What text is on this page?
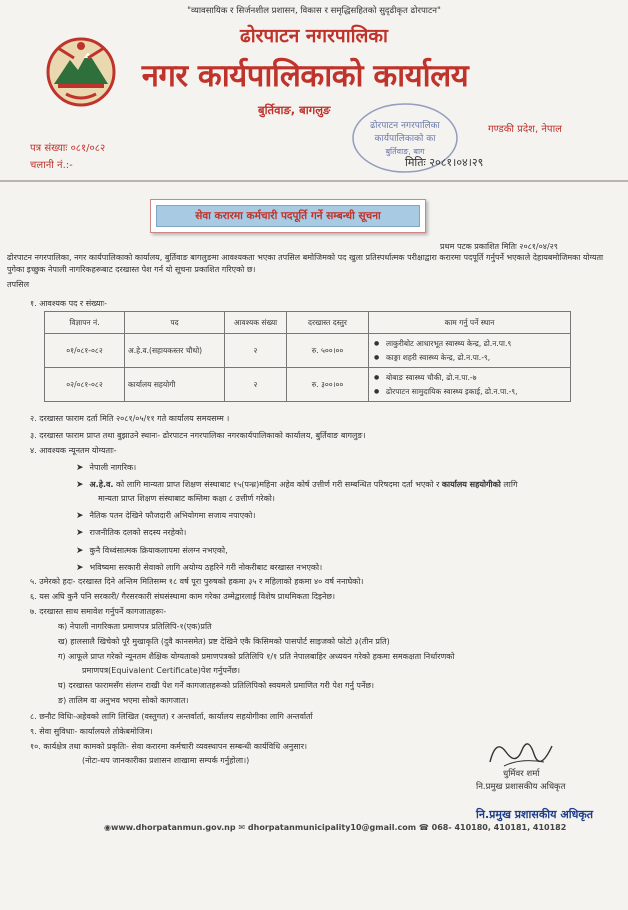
"व्यावसायिक र सिर्जनशील प्रशासन, विकास र समृद्धिसहितको सुदृढीकृत ढोरपाटन"
ढोरपाटन नगरपालिका
नगर कार्यपालिकाको कार्यालय
बुर्तिवाङ, बागलुङ
गण्डकी प्रदेश, नेपाल
पत्र संख्याः ०८१/०८२
चलानी नं.:-
ढोरपाटन नगरपालिका
कार्यपालिकाको का
बुर्तिवाङ, बाग
मितिः २०८१।०४।२९
सेवा करारमा कर्मचारी पदपूर्ति गर्ने सम्बन्धी सूचना
प्रथम पटक प्रकाशित मितिः २०८१/०४/२९
ढोरपाटन नगरपालिका, नगर कार्यपालिकाको कार्यालय, बुर्तिवाङ बागलुङमा आवश्यकता भएका तपसिल बमोजिमको पद खुला प्रतिस्पर्धात्मक परीक्षाद्वारा करारमा पदपूर्ति गर्नुपर्ने भएकाले देहायबमोजिमका योग्यता पुगेका इच्छुक नेपाली नागरिकहरूबाट दरखास्त पेश गर्न यो सूचना प्रकाशित गरिएको छ।
तपसिल
१. आवश्यक पद र संख्याः-
विज्ञापन नं.	पद	आवश्यक संख्या	दरखास्त दस्तुर	काम गर्नु पर्ने स्थान
०१/०८१-०८२	अ.हे.व.(सहायकस्तर चौथो)	२	रु. ५००।००	● लाकुरीबोट आधारभूत स्वास्थ्य केन्द्र, ढो.न.पा.९
● काङ्गा शहरी स्वास्थ्य केन्द्र, ढो.न.पा.-९,

०२/०८१-०८२	कार्यालय सहयोगी	२	रु. ३००।००	● बोबाङ स्वास्थ्य चौकी, ढो.न.पा.-७
● ढोरपाटन सामुदायिक स्वास्थ्य इकाई, ढो.न.पा.-९,
२. दरखास्त फाराम दर्ता मिति २०८१/०५/११ गते कार्यालय समयसम्म ।
३. दरखास्त फाराम प्राप्त तथा बुझाउने स्थानः- ढोरपाटन नगरपालिका नगरकार्यपालिकाको कार्यालय, बुर्तिवाङ बागलुङ।
४. आवश्यक न्यूनतम योग्यताः-
➤ नेपाली नागरिक।
➤ अ.हे.व. को लागि मान्यता प्राप्त शिक्षण संस्थाबाट १५(पन्ध्र)महिना अहेव कोर्ष उत्तीर्ण गरी सम्बन्धित परिषदमा दर्ता भएको र कार्यालय सहयोगीको लागि
मान्यता प्राप्त शिक्षण संस्थाबाट कम्तिमा कक्षा ८ उत्तीर्ण गरेको।
➤ नैतिक पतन देखिने फौजदारी अभियोगमा सजाय नपाएको।
➤ राजनीतिक दलको सदस्य नरहेको।
➤ कुनै विध्वंसात्मक क्रियाकलापमा संलग्न नभएको,
➤ भविष्यमा सरकारी सेवाको लागि अयोग्य ठहरिने गरी नोकरीबाट बरखास्त नभएको।
५. उमेरको हदः- दरखास्त दिने अन्तिम मितिसम्म १८ वर्ष पूरा पुरुषको हकमा ३५ र महिलाको हकमा ४० वर्ष ननाघेको।
६. यस अघि कुनै पनि सरकारी/ गैरसरकारी संघसंस्थामा काम गरेका उम्मेद्वारलाई विशेष प्राथमिकता दिइनेछ।
७. दरखास्त साथ समावेश गर्नुपर्ने कागजातहरूः-
क) नेपाली नागरिकता प्रमाणपत्र प्रतिलिपि-१(एक)प्रति
ख) हालसालै खिचेको पूरै मुखाकृति (दुवै कानसमेत) प्रष्ट देखिने एकै किसिमको पासपोर्ट साइजको फोटो ३(तीन प्रति)
ग) आफूले प्राप्त गरेको न्यूनतम शैक्षिक योग्यताको प्रमाणपत्रको प्रतिलिपि १/१ प्रति नेपालबाहिर अध्ययन गरेको हकमा समकक्षता निर्धारणको
प्रमाणपत्र(Equivalent Certificate)पेश गर्नुपर्नेछ।
घ) दरखास्त फारामसँग संलग्न राखी पेश गर्ने कागजातहरूको प्रतिलिपिको स्वयमले प्रमाणित गरी पेश गर्नु पर्नेछ।
ङ) तालिम वा अनुभव भएमा सोको कागजात।
८. छनौट विधिः-अहेवको लागि लिखित (वस्तुगत) र अन्तर्वार्ता, कार्यालय सहयोगीका लागि अन्तर्वार्ता
९. सेवा सुविधाः- कार्यालयले तोकेबमोजिम।
१०. कार्यक्षेत्र तथा कामको प्रकृतिः- सेवा करारमा कर्मचारी व्यवस्थापन सम्बन्धी कार्यविधि अनुसार।
(नोटः-थप जानकारीका प्रशासन शाखामा सम्पर्क गर्नुहोला।)
धुर्मिवर शर्मा
नि.प्रमुख प्रशासकीय अधिकृत
नि.प्रमुख प्रशासकीय अधिकृत
◉www.dhorpatanmun.gov.np ✉ dhorpatanmunicipality10@gmail.com ☎ 068- 410180, 410181, 410182
